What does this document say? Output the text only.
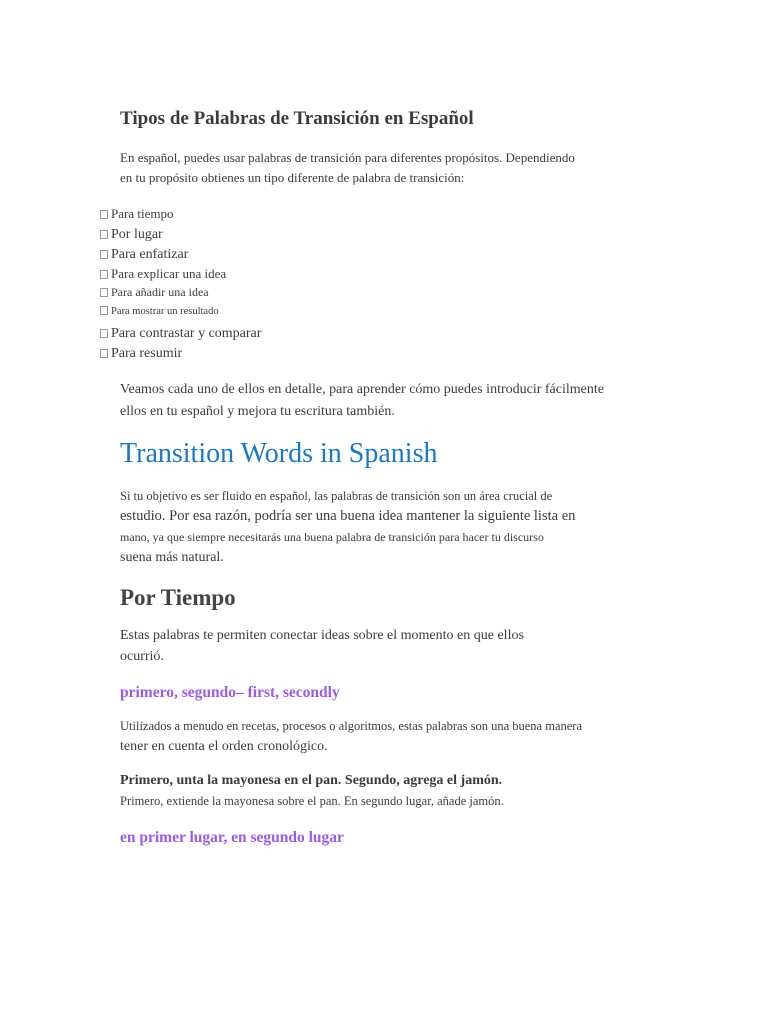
Tipos de Palabras de Transición en Español
En español, puedes usar palabras de transición para diferentes propósitos. Dependiendo
en tu propósito obtienes un tipo diferente de palabra de transición:
Para tiempo
Por lugar
Para enfatizar
Para explicar una idea
Para añadir una idea
Para mostrar un resultado
Para contrastar y comparar
Para resumir
Veamos cada uno de ellos en detalle, para aprender cómo puedes introducir fácilmente
ellos en tu español y mejora tu escritura también.
Transition Words in Spanish
Si tu objetivo es ser fluido en español, las palabras de transición son un área crucial de
estudio. Por esa razón, podría ser una buena idea mantener la siguiente lista en
mano, ya que siempre necesitarás una buena palabra de transición para hacer tu discurso
suena más natural.
Por Tiempo
Estas palabras te permiten conectar ideas sobre el momento en que ellos
ocurrió.
primero, segundo– first, secondly
Utilizados a menudo en recetas, procesos o algoritmos, estas palabras son una buena manera
tener en cuenta el orden cronológico.
Primero, unta la mayonesa en el pan. Segundo, agrega el jamón.
Primero, extiende la mayonesa sobre el pan. En segundo lugar, añade jamón.
en primer lugar, en segundo lugar
